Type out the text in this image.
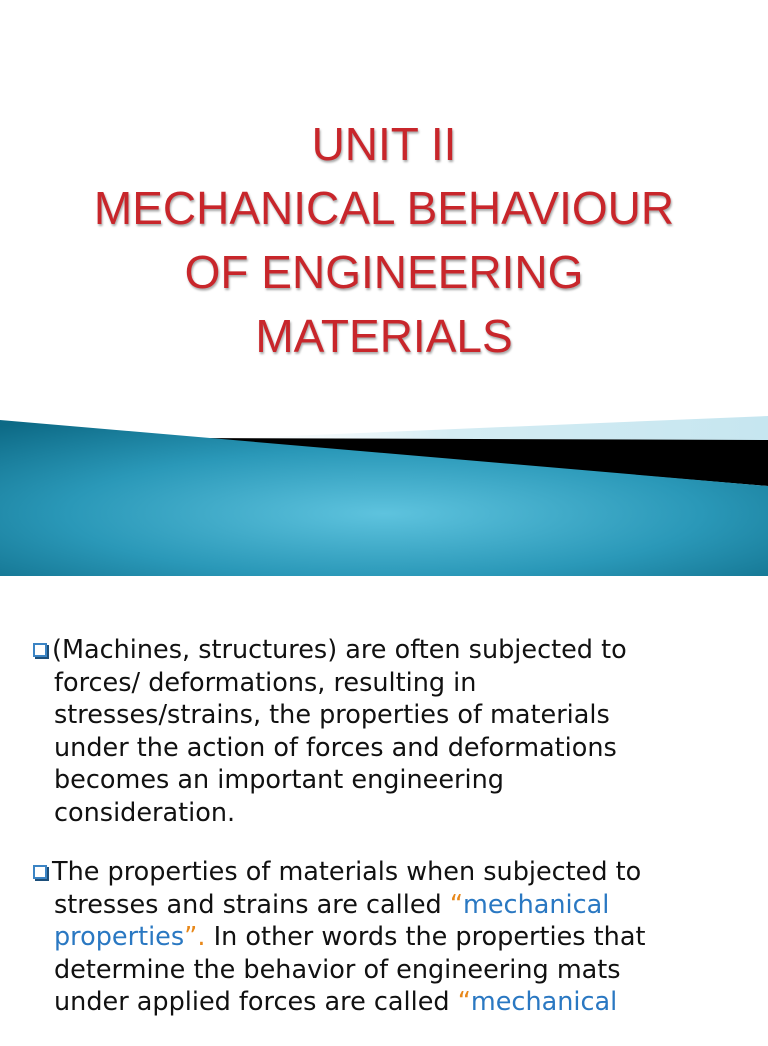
UNIT II
MECHANICAL BEHAVIOUR
OF ENGINEERING
MATERIALS

(Machines, structures) are often subjected to
forces/ deformations, resulting in
stresses/strains, the properties of materials
under the action of forces and deformations
becomes an important engineering
consideration.

The properties of materials when subjected to
stresses and strains are called “mechanical
properties”. In other words the properties that
determine the behavior of engineering mats
under applied forces are called “mechanical
